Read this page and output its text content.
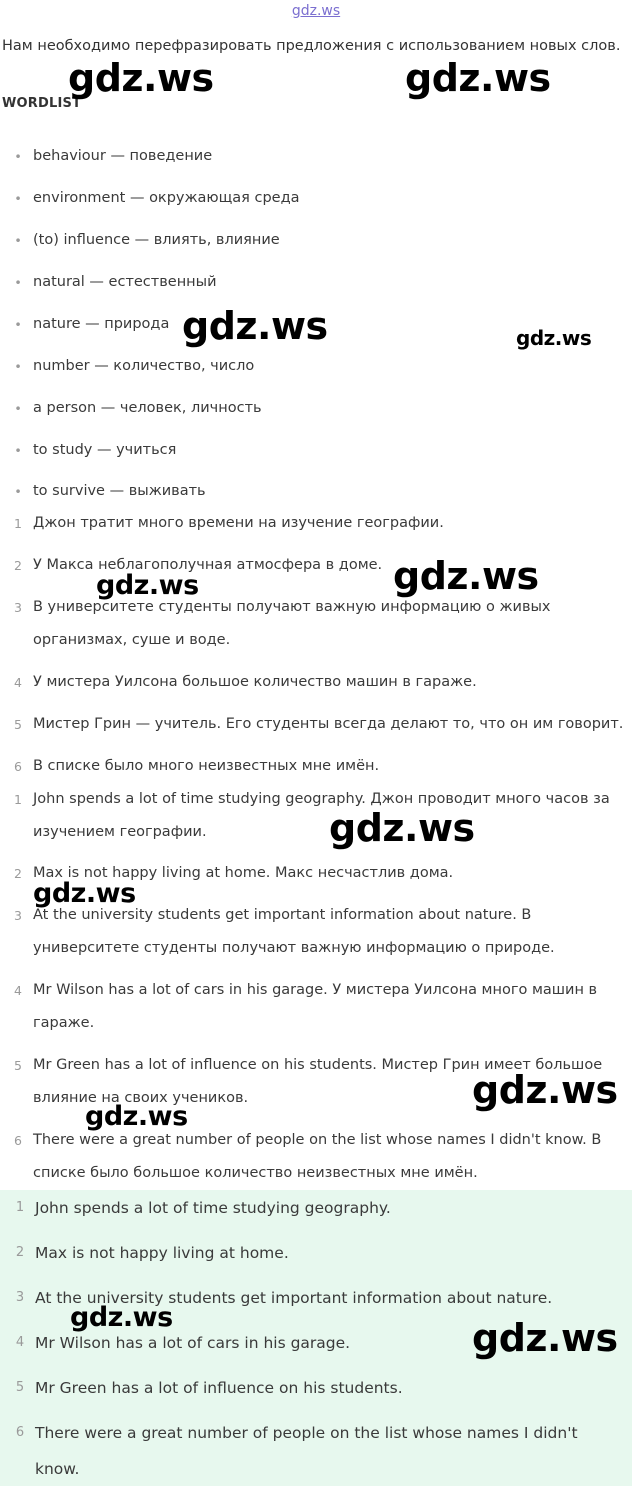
gdz.ws
Нам необходимо перефразировать предложения с использованием новых слов.
WORDLIST
• behaviour — поведение
• environment — окружающая среда
• (to) influence — влиять, влияние
• natural — естественный
• nature — природа
• number — количество, число
• a person — человек, личность
• to study — учиться
• to survive — выживать
1 Джон тратит много времени на изучение географии.
2 У Макса неблагополучная атмосфера в доме.
3 В университете студенты получают важную информацию о живых организмах, суше и воде.
4 У мистера Уилсона большое количество машин в гараже.
5 Мистер Грин — учитель. Его студенты всегда делают то, что он им говорит.
6 В списке было много неизвестных мне имён.
1 John spends a lot of time studying geography. Джон проводит много часов за изучением географии.
2 Max is not happy living at home. Макс несчастлив дома.
3 At the university students get important information about nature. В университете студенты получают важную информацию о природе.
4 Mr Wilson has a lot of cars in his garage. У мистера Уилсона много машин в гараже.
5 Mr Green has a lot of influence on his students. Мистер Грин имеет большое влияние на своих учеников.
6 There were a great number of people on the list whose names I didn't know. В списке было большое количество неизвестных мне имён.
1 John spends a lot of time studying geography.
2 Max is not happy living at home.
3 At the university students get important information about nature.
4 Mr Wilson has a lot of cars in his garage.
5 Mr Green has a lot of influence on his students.
6 There were a great number of people on the list whose names I didn't know.
gdz.ws	gdz.ws
gdz.ws	gdz.ws
gdz.ws	gdz.ws
gdz.ws
gdz.ws
gdz.ws
gdz.ws
gdz.ws	gdz.ws
